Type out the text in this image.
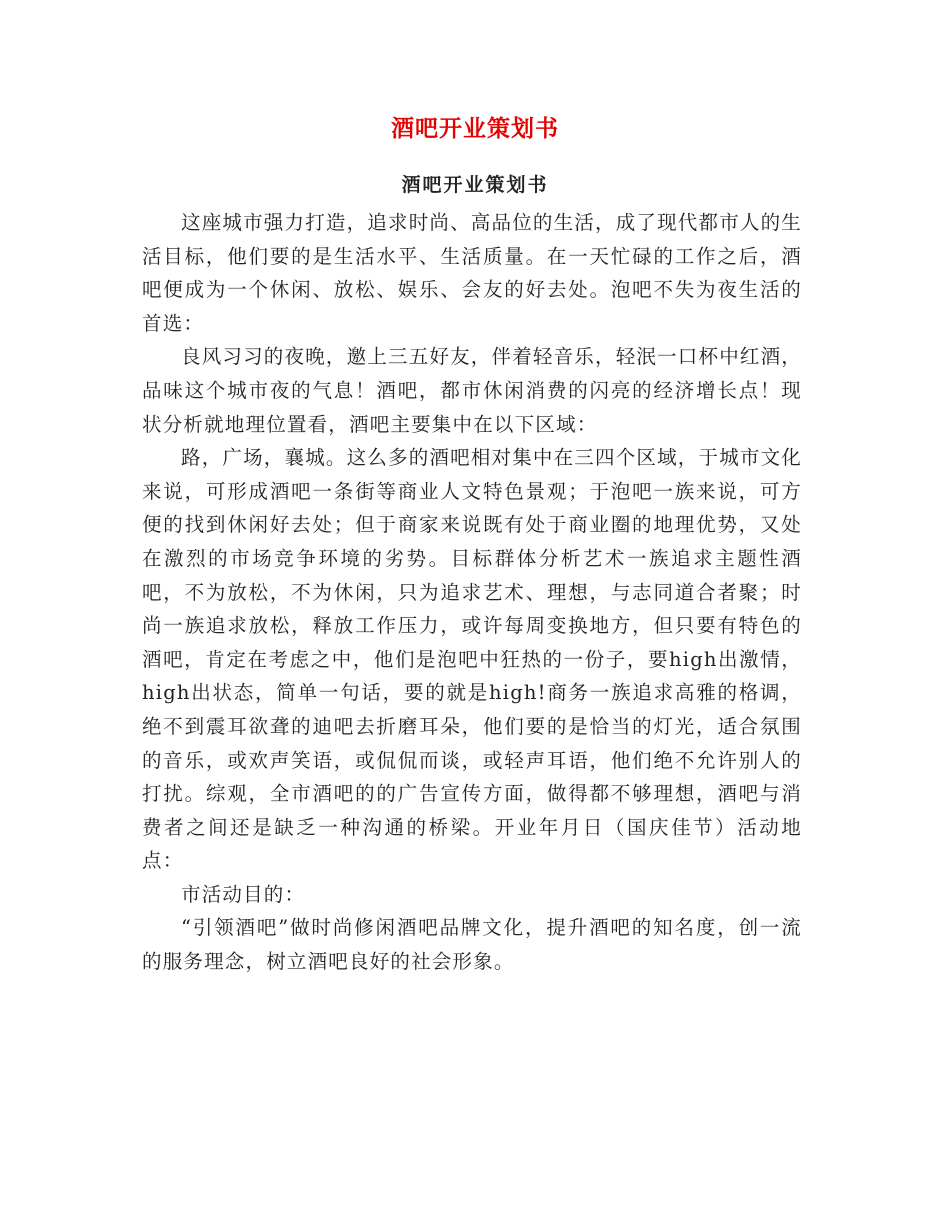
酒吧开业策划书
酒吧开业策划书

这座城市强力打造，追求时尚、高品位的生活，成了现代都市人的生活目标，他们要的是生活水平、生活质量。在一天忙碌的工作之后，酒吧便成为一个休闲、放松、娱乐、会友的好去处。泡吧不失为夜生活的首选：

良风习习的夜晚，邀上三五好友，伴着轻音乐，轻泯一口杯中红酒，品味这个城市夜的气息！酒吧，都市休闲消费的闪亮的经济增长点！现状分析就地理位置看，酒吧主要集中在以下区域：

路，广场，襄城。这么多的酒吧相对集中在三四个区域，于城市文化来说，可形成酒吧一条街等商业人文特色景观；于泡吧一族来说，可方便的找到休闲好去处；但于商家来说既有处于商业圈的地理优势，又处在激烈的市场竞争环境的劣势。目标群体分析艺术一族追求主题性酒吧，不为放松，不为休闲，只为追求艺术、理想，与志同道合者聚；时尚一族追求放松，释放工作压力，或许每周变换地方，但只要有特色的酒吧，肯定在考虑之中，他们是泡吧中狂热的一份子，要high出激情，high出状态，简单一句话，要的就是high!商务一族追求高雅的格调，绝不到震耳欲聋的迪吧去折磨耳朵，他们要的是恰当的灯光，适合氛围的音乐，或欢声笑语，或侃侃而谈，或轻声耳语，他们绝不允许别人的打扰。综观，全市酒吧的的广告宣传方面，做得都不够理想，酒吧与消费者之间还是缺乏一种沟通的桥梁。开业年月日（国庆佳节）活动地点：

市活动目的：

“引领酒吧”做时尚修闲酒吧品牌文化，提升酒吧的知名度，创一流的服务理念，树立酒吧良好的社会形象。
